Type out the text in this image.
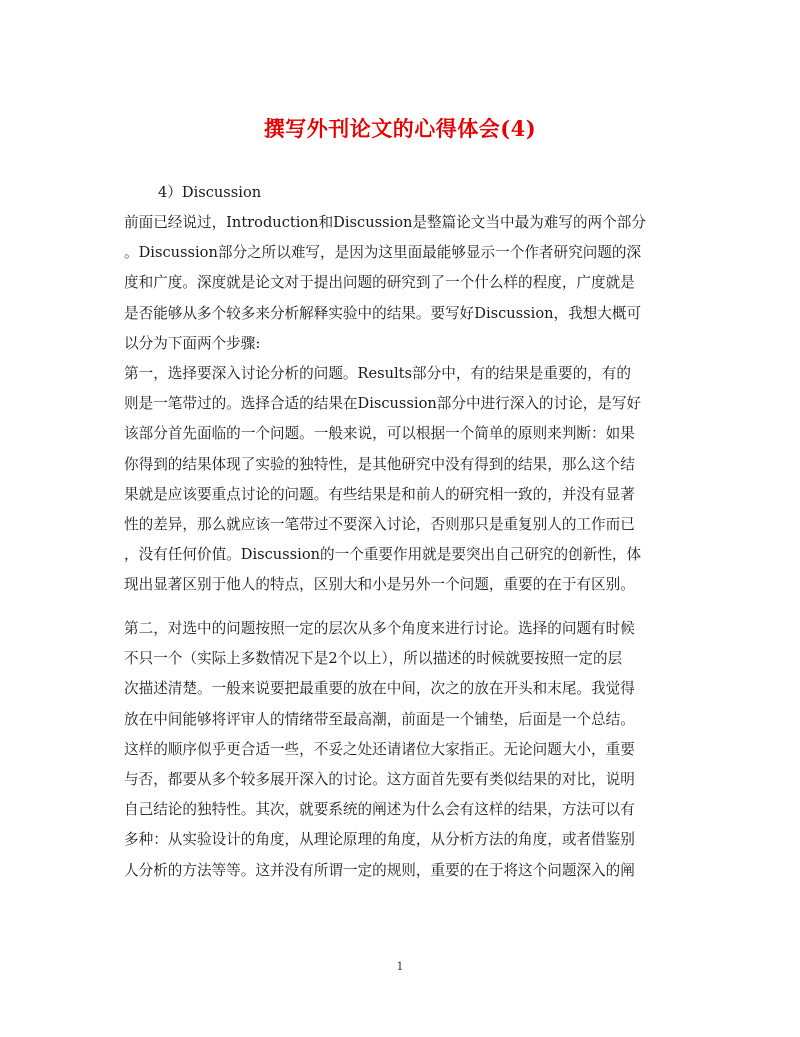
撰写外刊论文的心得体会(4)
4）Discussion
前面已经说过，Introduction和Discussion是整篇论文当中最为难写的两个部分
。Discussion部分之所以难写，是因为这里面最能够显示一个作者研究问题的深
度和广度。深度就是论文对于提出问题的研究到了一个什么样的程度，广度就是
是否能够从多个较多来分析解释实验中的结果。要写好Discussion，我想大概可
以分为下面两个步骤:
第一，选择要深入讨论分析的问题。Results部分中，有的结果是重要的，有的
则是一笔带过的。选择合适的结果在Discussion部分中进行深入的讨论，是写好
该部分首先面临的一个问题。一般来说，可以根据一个简单的原则来判断：如果
你得到的结果体现了实验的独特性，是其他研究中没有得到的结果，那么这个结
果就是应该要重点讨论的问题。有些结果是和前人的研究相一致的，并没有显著
性的差异，那么就应该一笔带过不要深入讨论，否则那只是重复别人的工作而已
，没有任何价值。Discussion的一个重要作用就是要突出自己研究的创新性，体
现出显著区别于他人的特点，区别大和小是另外一个问题，重要的在于有区别。
第二，对选中的问题按照一定的层次从多个角度来进行讨论。选择的问题有时候
不只一个（实际上多数情况下是2个以上），所以描述的时候就要按照一定的层
次描述清楚。一般来说要把最重要的放在中间，次之的放在开头和末尾。我觉得
放在中间能够将评审人的情绪带至最高潮，前面是一个铺垫，后面是一个总结。
这样的顺序似乎更合适一些，不妥之处还请诸位大家指正。无论问题大小，重要
与否，都要从多个较多展开深入的讨论。这方面首先要有类似结果的对比，说明
自己结论的独特性。其次，就要系统的阐述为什么会有这样的结果，方法可以有
多种：从实验设计的角度，从理论原理的角度，从分析方法的角度，或者借鉴别
人分析的方法等等。这并没有所谓一定的规则，重要的在于将这个问题深入的阐
1
